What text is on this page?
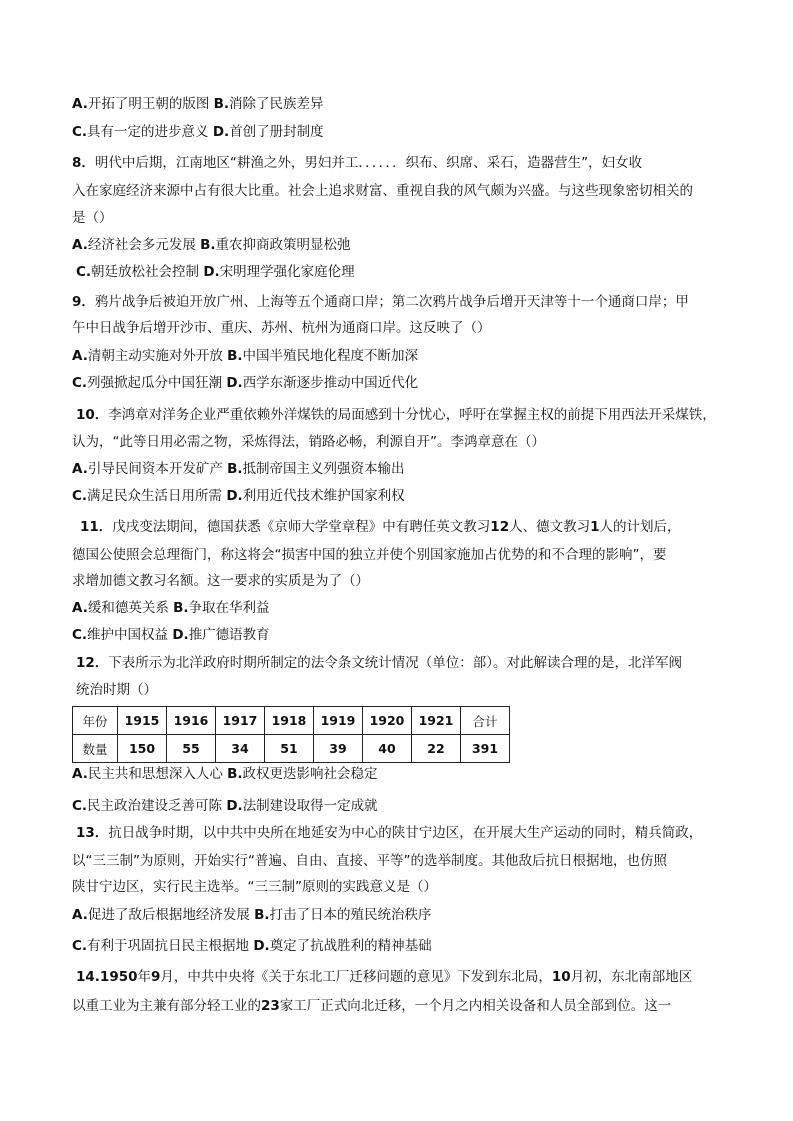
A.开拓了明王朝的版图 B.消除了民族差异
C.具有一定的进步意义 D.首创了册封制度
8．明代中后期，江南地区“耕渔之外，男妇并工．．．．．．织布、织席、采石，造器营生”，妇女收
入在家庭经济来源中占有很大比重。社会上追求财富、重视自我的风气颇为兴盛。与这些现象密切相关的
是（）
A.经济社会多元发展 B.重农抑商政策明显松弛
C.朝廷放松社会控制 D.宋明理学强化家庭伦理
9．鸦片战争后被迫开放广州、上海等五个通商口岸；第二次鸦片战争后增开天津等十一个通商口岸；甲
午中日战争后增开沙市、重庆、苏州、杭州为通商口岸。这反映了（）
A.清朝主动实施对外开放 B.中国半殖民地化程度不断加深
C.列强掀起瓜分中国狂潮 D.西学东渐逐步推动中国近代化
10．李鸿章对洋务企业严重依赖外洋煤铁的局面感到十分忧心，呼吁在掌握主权的前提下用西法开采煤铁，
认为，“此等日用必需之物，采炼得法，销路必畅，利源自开”。李鸿章意在（）
A.引导民间资本开发矿产 B.抵制帝国主义列强资本输出
C.满足民众生活日用所需 D.利用近代技术维护国家利权
11．戊戌变法期间，德国获悉《京师大学堂章程》中有聘任英文教习12人、德文教习1人的计划后，
德国公使照会总理衙门，称这将会“损害中国的独立并使个别国家施加占优势的和不合理的影响”，要
求增加德文教习名额。这一要求的实质是为了（）
A.缓和德英关系 B.争取在华利益
C.维护中国权益 D.推广德语教育
12．下表所示为北洋政府时期所制定的法令条文统计情况（单位：部）。对此解读合理的是，北洋军阀
统治时期（）
年份	1915	1916	1917	1918	1919	1920	1921	合计
数量	150	55	34	51	39	40	22	391
A.民主共和思想深入人心 B.政权更迭影响社会稳定
C.民主政治建设乏善可陈 D.法制建设取得一定成就
13．抗日战争时期，以中共中央所在地延安为中心的陕甘宁边区，在开展大生产运动的同时，精兵简政，
以“三三制”为原则，开始实行“普遍、自由、直接、平等”的选举制度。其他敌后抗日根据地，也仿照
陕甘宁边区，实行民主选举。“三三制”原则的实践意义是（）
A.促进了敌后根据地经济发展 B.打击了日本的殖民统治秩序
C.有利于巩固抗日民主根据地 D.奠定了抗战胜利的精神基础
14.1950年9月，中共中央将《关于东北工厂迁移问题的意见》下发到东北局，10月初，东北南部地区
以重工业为主兼有部分轻工业的23家工厂正式向北迁移，一个月之内相关设备和人员全部到位。这一
